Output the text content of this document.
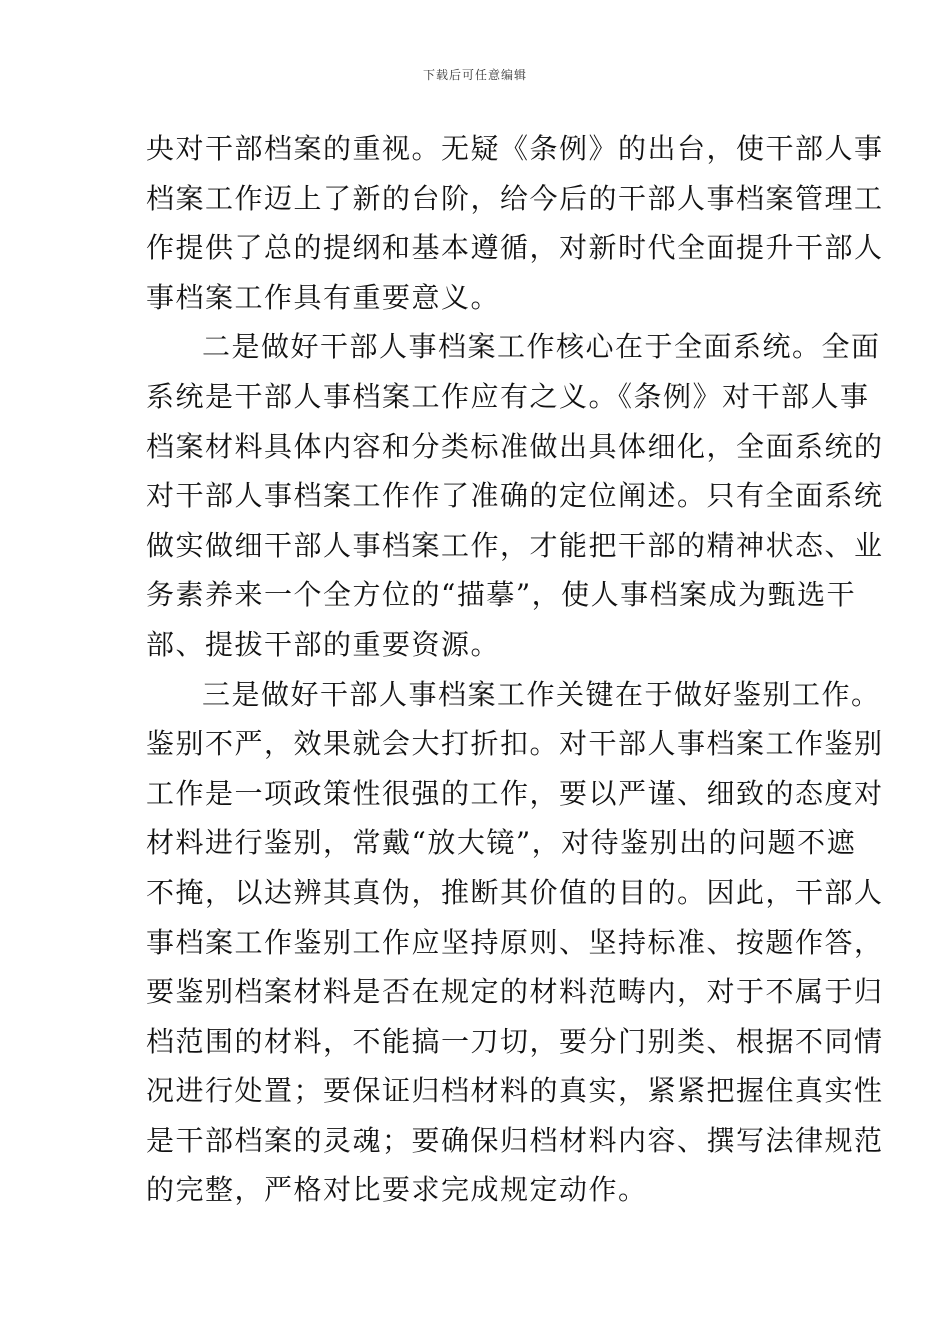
下载后可任意编辑
央对干部档案的重视。无疑《条例》的出台，使干部人事
档案工作迈上了新的台阶，给今后的干部人事档案管理工
作提供了总的提纲和基本遵循，对新时代全面提升干部人
事档案工作具有重要意义。
二是做好干部人事档案工作核心在于全面系统。全面
系统是干部人事档案工作应有之义。《条例》对干部人事
档案材料具体内容和分类标准做出具体细化，全面系统的
对干部人事档案工作作了准确的定位阐述。只有全面系统
做实做细干部人事档案工作，才能把干部的精神状态、业
务素养来一个全方位的“描摹”，使人事档案成为甄选干
部、提拔干部的重要资源。
三是做好干部人事档案工作关键在于做好鉴别工作。
鉴别不严，效果就会大打折扣。对干部人事档案工作鉴别
工作是一项政策性很强的工作，要以严谨、细致的态度对
材料进行鉴别，常戴“放大镜”，对待鉴别出的问题不遮
不掩，以达辨其真伪，推断其价值的目的。因此，干部人
事档案工作鉴别工作应坚持原则、坚持标准、按题作答，
要鉴别档案材料是否在规定的材料范畴内，对于不属于归
档范围的材料，不能搞一刀切，要分门别类、根据不同情
况进行处置；要保证归档材料的真实，紧紧把握住真实性
是干部档案的灵魂；要确保归档材料内容、撰写法律规范
的完整，严格对比要求完成规定动作。
